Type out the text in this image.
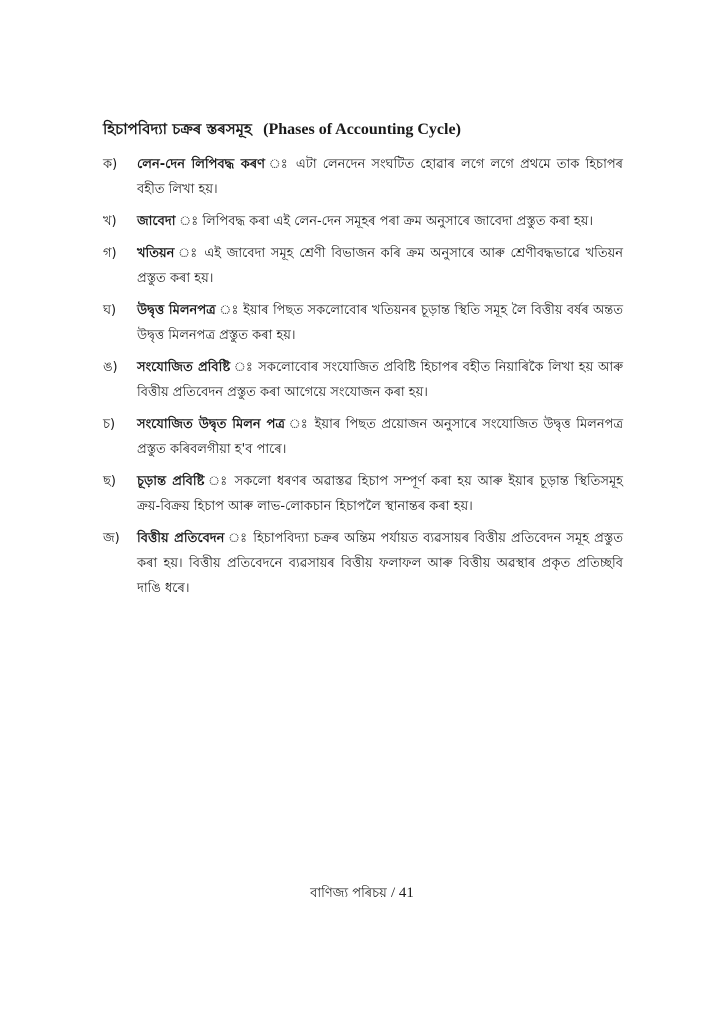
হিচাপবিদ্যা চক্ৰৰ স্তৰসমূহ (Phases of Accounting Cycle)
ক)	লেন-দেন লিপিবদ্ধ কৰণ ঃ এটা লেনদেন সংঘটিত হোৱাৰ লগে লগে প্ৰথমে তাক হিচাপৰ বহীত লিখা হয়।
খ)	জাবেদা ঃ লিপিবদ্ধ কৰা এই লেন-দেন সমূহৰ পৰা ক্ৰম অনুসাৰে জাবেদা প্ৰস্তুত কৰা হয়।
গ)	খতিয়ন ঃ এই জাবেদা সমূহ শ্ৰেণী বিভাজন কৰি ক্ৰম অনুসাৰে আৰু শ্ৰেণীবদ্ধভাৱে খতিয়ন প্ৰস্তুত কৰা হয়।
ঘ)	উদ্বৃত্ত মিলনপত্ৰ ঃ ইয়াৰ পিছত সকলোবোৰ খতিয়নৰ চূড়ান্ত স্থিতি সমূহ লৈ বিত্তীয় বৰ্ষৰ অন্তত উদ্বৃত্ত মিলনপত্ৰ প্ৰস্তুত কৰা হয়।
ঙ)	সংযোজিত প্ৰবিষ্টি ঃ সকলোবোৰ সংযোজিত প্ৰবিষ্টি হিচাপৰ বহীত নিয়াৰিকৈ লিখা হয় আৰু বিত্তীয় প্ৰতিবেদন প্ৰস্তুত কৰা আগেয়ে সংযোজন কৰা হয়।
চ)	সংযোজিত উদ্বৃত মিলন পত্ৰ ঃ ইয়াৰ পিছত প্ৰয়োজন অনুসাৰে সংযোজিত উদ্বৃত্ত মিলনপত্ৰ প্ৰস্তুত কৰিবলগীয়া হ'ব পাৰে।
ছ)	চূড়ান্ত প্ৰবিষ্টি ঃ সকলো ধৰণৰ অৱাস্তৱ হিচাপ সম্পূৰ্ণ কৰা হয় আৰু ইয়াৰ চূড়ান্ত স্থিতিসমূহ ক্ৰয়-বিক্ৰয় হিচাপ আৰু লাভ-লোকচান হিচাপলৈ স্থানান্তৰ কৰা হয়।
জ)	বিত্তীয় প্ৰতিবেদন ঃ হিচাপবিদ্যা চক্ৰৰ অন্তিম পৰ্যায়ত ব্যৱসায়ৰ বিত্তীয় প্ৰতিবেদন সমূহ প্ৰস্তুত কৰা হয়। বিত্তীয় প্ৰতিবেদনে ব্যৱসায়ৰ বিত্তীয় ফলাফল আৰু বিত্তীয় অৱস্থাৰ প্ৰকৃত প্ৰতিচ্ছবি দাঙি ধৰে।
বাণিজ্য পৰিচয় / 41
